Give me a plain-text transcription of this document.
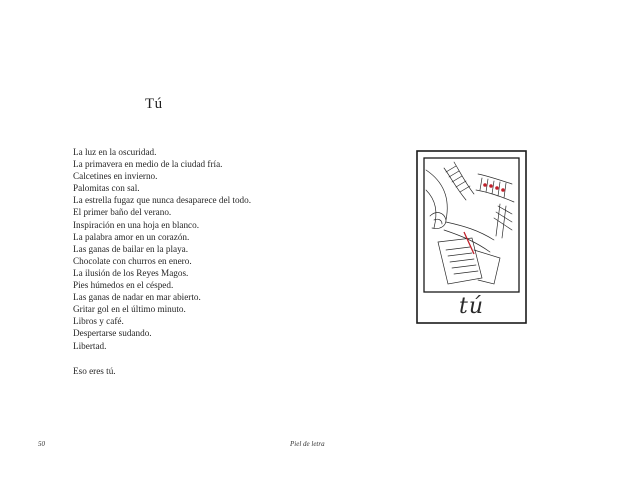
Tú
La luz en la oscuridad.
La primavera en medio de la ciudad fría.
Calcetines en invierno.
Palomitas con sal.
La estrella fugaz que nunca desaparece del todo.
El primer baño del verano.
Inspiración en una hoja en blanco.
La palabra amor en un corazón.
Las ganas de bailar en la playa.
Chocolate con churros en enero.
La ilusión de los Reyes Magos.
Pies húmedos en el césped.
Las ganas de nadar en mar abierto.
Gritar gol en el último minuto.
Libros y café.
Despertarse sudando.
Libertad.
Eso eres tú.
tú
50	Piel de letra
